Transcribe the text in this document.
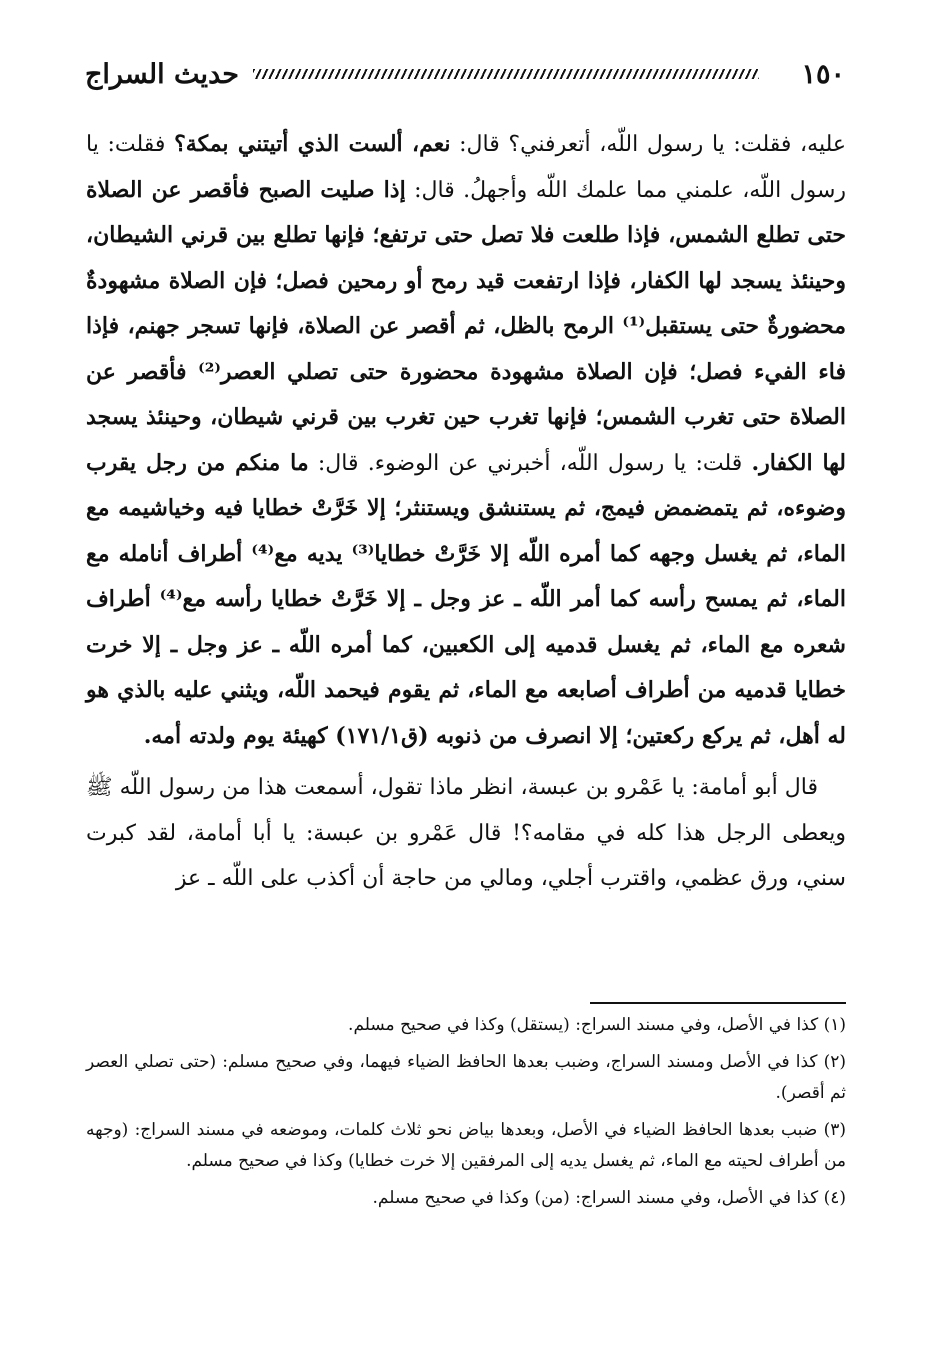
١٥٠
حديث السراج

عليه، فقلت: يا رسول اللّه، أتعرفني؟ قال: نعم، ألست الذي أتيتني بمكة؟ فقلت: يا رسول اللّه، علمني مما علمك اللّه وأجهلُ. قال: إذا صليت الصبح فأقصر عن الصلاة حتى تطلع الشمس، فإذا طلعت فلا تصل حتى ترتفع؛ فإنها تطلع بين قرني الشيطان، وحينئذ يسجد لها الكفار، فإذا ارتفعت قيد رمح أو رمحين فصل؛ فإن الصلاة مشهودةٌ محضورةٌ حتى يستقبل⁽¹⁾ الرمح بالظل، ثم أقصر عن الصلاة، فإنها تسجر جهنم، فإذا فاء الفيء فصل؛ فإن الصلاة مشهودة محضورة حتى تصلي العصر⁽²⁾ فأقصر عن الصلاة حتى تغرب الشمس؛ فإنها تغرب حين تغرب بين قرني شيطان، وحينئذ يسجد لها الكفار. قلت: يا رسول اللّه، أخبرني عن الوضوء. قال: ما منكم من رجل يقرب وضوءه، ثم يتمضمض فيمج، ثم يستنشق ويستنثر؛ إلا خَرَّتْ خطايا فيه وخياشيمه مع الماء، ثم يغسل وجهه كما أمره اللّه إلا خَرَّتْ خطايا⁽³⁾ يديه مع⁽⁴⁾ أطراف أنامله مع الماء، ثم يمسح رأسه كما أمر اللّه ـ عز وجل ـ إلا خَرَّتْ خطايا رأسه مع⁽⁴⁾ أطراف شعره مع الماء، ثم يغسل قدميه إلى الكعبين، كما أمره اللّه ـ عز وجل ـ إلا خرت خطايا قدميه من أطراف أصابعه مع الماء، ثم يقوم فيحمد اللّه، ويثني عليه بالذي هو له أهل، ثم يركع ركعتين؛ إلا انصرف من ذنوبه (ق١٧١/١) كهيئة يوم ولدته أمه.

قال أبو أمامة: يا عَمْرو بن عبسة، انظر ماذا تقول، أسمعت هذا من رسول اللّه ﷺ ويعطى الرجل هذا كله في مقامه؟! قال عَمْرو بن عبسة: يا أبا أمامة، لقد كبرت سني، ورق عظمي، واقترب أجلي، ومالي من حاجة أن أكذب على اللّه ـ عز

(١) كذا في الأصل، وفي مسند السراج: (يستقل) وكذا في صحيح مسلم.

(٢) كذا في الأصل ومسند السراج، وضبب بعدها الحافظ الضياء فيهما، وفي صحيح مسلم: (حتى تصلي العصر ثم أقصر).

(٣) ضبب بعدها الحافظ الضياء في الأصل، وبعدها بياض نحو ثلاث كلمات، وموضعه في مسند السراج: (وجهه من أطراف لحيته مع الماء، ثم يغسل يديه إلى المرفقين إلا خرت خطايا) وكذا في صحيح مسلم.

(٤) كذا في الأصل، وفي مسند السراج: (من) وكذا في صحيح مسلم.
